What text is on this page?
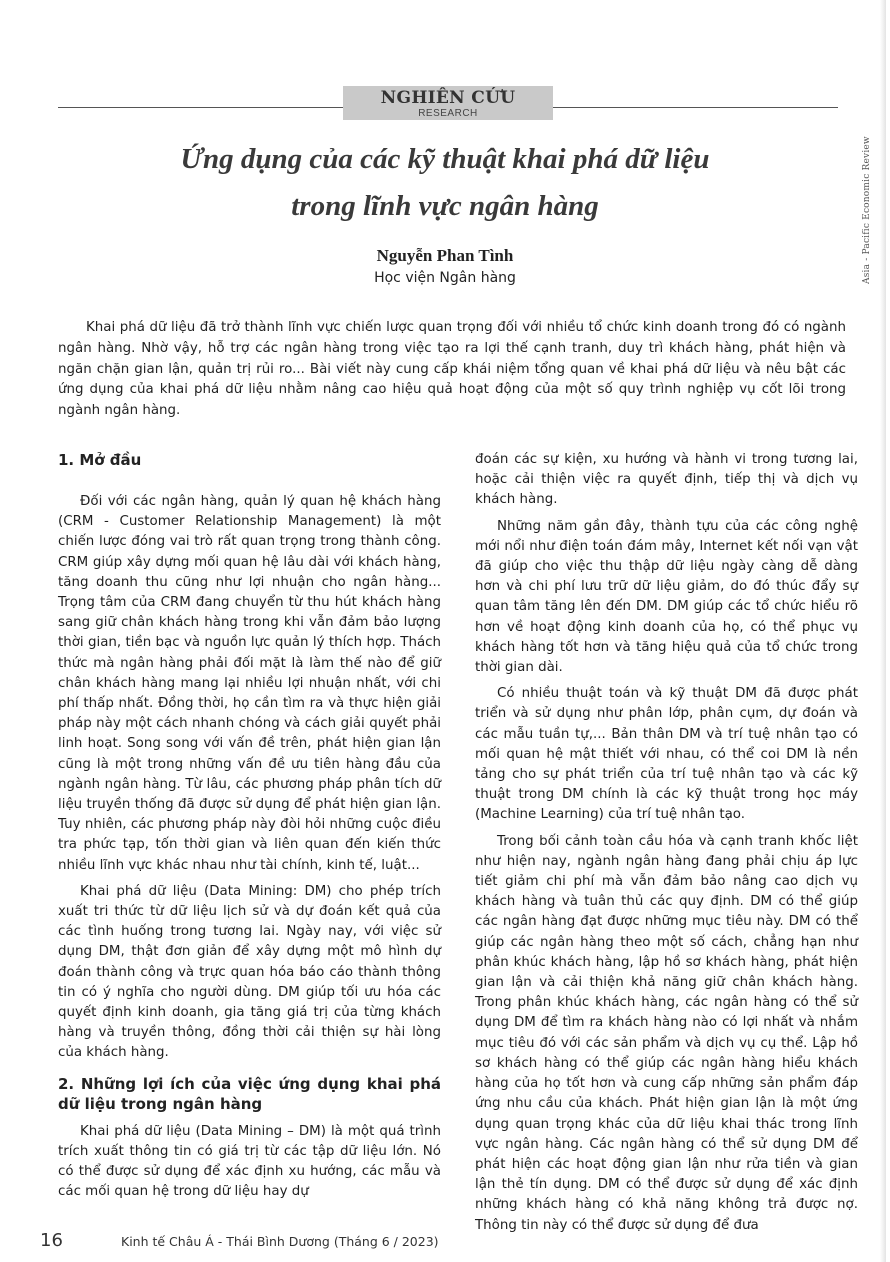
NGHIÊN CỨU
RESEARCH
Asia - Pacific Economic Review
Ứng dụng của các kỹ thuật khai phá dữ liệu
trong lĩnh vực ngân hàng
Nguyễn Phan Tình
Học viện Ngân hàng

Khai phá dữ liệu đã trở thành lĩnh vực chiến lược quan trọng đối với nhiều tổ chức kinh doanh trong đó có ngành ngân hàng. Nhờ vậy, hỗ trợ các ngân hàng trong việc tạo ra lợi thế cạnh tranh, duy trì khách hàng, phát hiện và ngăn chặn gian lận, quản trị rủi ro... Bài viết này cung cấp khái niệm tổng quan về khai phá dữ liệu và nêu bật các ứng dụng của khai phá dữ liệu nhằm nâng cao hiệu quả hoạt động của một số quy trình nghiệp vụ cốt lõi trong ngành ngân hàng.

1. Mở đầu

Đối với các ngân hàng, quản lý quan hệ khách hàng (CRM - Customer Relationship Management) là một chiến lược đóng vai trò rất quan trọng trong thành công. CRM giúp xây dựng mối quan hệ lâu dài với khách hàng, tăng doanh thu cũng như lợi nhuận cho ngân hàng... Trọng tâm của CRM đang chuyển từ thu hút khách hàng sang giữ chân khách hàng trong khi vẫn đảm bảo lượng thời gian, tiền bạc và nguồn lực quản lý thích hợp. Thách thức mà ngân hàng phải đối mặt là làm thế nào để giữ chân khách hàng mang lại nhiều lợi nhuận nhất, với chi phí thấp nhất. Đồng thời, họ cần tìm ra và thực hiện giải pháp này một cách nhanh chóng và cách giải quyết phải linh hoạt. Song song với vấn đề trên, phát hiện gian lận cũng là một trong những vấn đề ưu tiên hàng đầu của ngành ngân hàng. Từ lâu, các phương pháp phân tích dữ liệu truyền thống đã được sử dụng để phát hiện gian lận. Tuy nhiên, các phương pháp này đòi hỏi những cuộc điều tra phức tạp, tốn thời gian và liên quan đến kiến thức nhiều lĩnh vực khác nhau như tài chính, kinh tế, luật...

Khai phá dữ liệu (Data Mining: DM) cho phép trích xuất tri thức từ dữ liệu lịch sử và dự đoán kết quả của các tình huống trong tương lai. Ngày nay, với việc sử dụng DM, thật đơn giản để xây dựng một mô hình dự đoán thành công và trực quan hóa báo cáo thành thông tin có ý nghĩa cho người dùng. DM giúp tối ưu hóa các quyết định kinh doanh, gia tăng giá trị của từng khách hàng và truyền thông, đồng thời cải thiện sự hài lòng của khách hàng.

2. Những lợi ích của việc ứng dụng khai phá dữ liệu trong ngân hàng

Khai phá dữ liệu (Data Mining – DM) là một quá trình trích xuất thông tin có giá trị từ các tập dữ liệu lớn. Nó có thể được sử dụng để xác định xu hướng, các mẫu và các mối quan hệ trong dữ liệu hay dự

đoán các sự kiện, xu hướng và hành vi trong tương lai, hoặc cải thiện việc ra quyết định, tiếp thị và dịch vụ khách hàng.

Những năm gần đây, thành tựu của các công nghệ mới nổi như điện toán đám mây, Internet kết nối vạn vật đã giúp cho việc thu thập dữ liệu ngày càng dễ dàng hơn và chi phí lưu trữ dữ liệu giảm, do đó thúc đẩy sự quan tâm tăng lên đến DM. DM giúp các tổ chức hiểu rõ hơn về hoạt động kinh doanh của họ, có thể phục vụ khách hàng tốt hơn và tăng hiệu quả của tổ chức trong thời gian dài.

Có nhiều thuật toán và kỹ thuật DM đã được phát triển và sử dụng như phân lớp, phân cụm, dự đoán và các mẫu tuần tự,... Bản thân DM và trí tuệ nhân tạo có mối quan hệ mật thiết với nhau, có thể coi DM là nền tảng cho sự phát triển của trí tuệ nhân tạo và các kỹ thuật trong DM chính là các kỹ thuật trong học máy (Machine Learning) của trí tuệ nhân tạo.

Trong bối cảnh toàn cầu hóa và cạnh tranh khốc liệt như hiện nay, ngành ngân hàng đang phải chịu áp lực tiết giảm chi phí mà vẫn đảm bảo nâng cao dịch vụ khách hàng và tuân thủ các quy định. DM có thể giúp các ngân hàng đạt được những mục tiêu này. DM có thể giúp các ngân hàng theo một số cách, chẳng hạn như phân khúc khách hàng, lập hồ sơ khách hàng, phát hiện gian lận và cải thiện khả năng giữ chân khách hàng. Trong phân khúc khách hàng, các ngân hàng có thể sử dụng DM để tìm ra khách hàng nào có lợi nhất và nhắm mục tiêu đó với các sản phẩm và dịch vụ cụ thể. Lập hồ sơ khách hàng có thể giúp các ngân hàng hiểu khách hàng của họ tốt hơn và cung cấp những sản phẩm đáp ứng nhu cầu của khách. Phát hiện gian lận là một ứng dụng quan trọng khác của dữ liệu khai thác trong lĩnh vực ngân hàng. Các ngân hàng có thể sử dụng DM để phát hiện các hoạt động gian lận như rửa tiền và gian lận thẻ tín dụng. DM có thể được sử dụng để xác định những khách hàng có khả năng không trả được nợ. Thông tin này có thể được sử dụng để đưa

16	Kinh tế Châu Á - Thái Bình Dương (Tháng 6 / 2023)
